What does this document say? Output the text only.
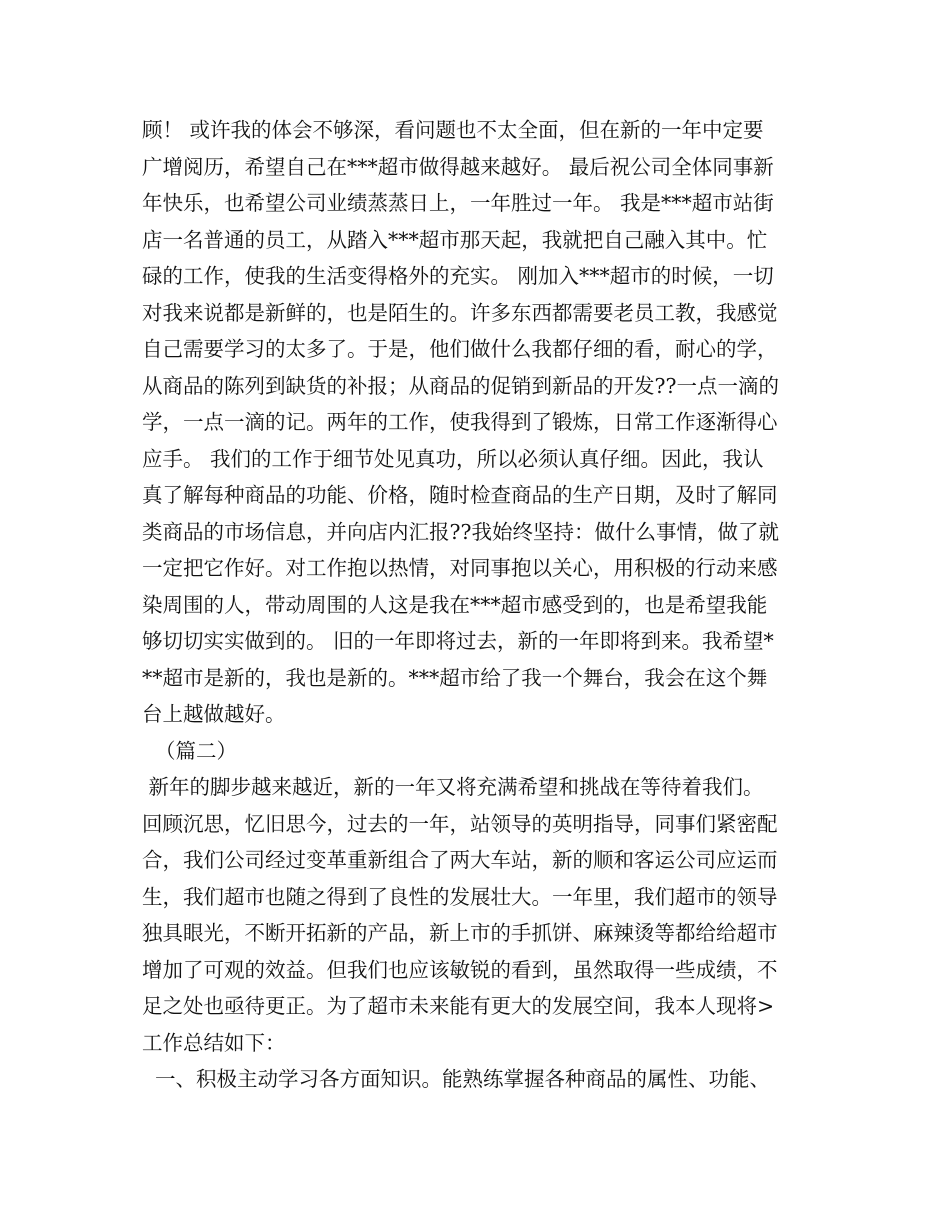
顾！ 或许我的体会不够深，看问题也不太全面，但在新的一年中定要
广增阅历，希望自己在***超市做得越来越好。 最后祝公司全体同事新
年快乐，也希望公司业绩蒸蒸日上，一年胜过一年。 我是***超市站街
店一名普通的员工，从踏入***超市那天起，我就把自己融入其中。忙
碌的工作，使我的生活变得格外的充实。 刚加入***超市的时候，一切
对我来说都是新鲜的，也是陌生的。许多东西都需要老员工教，我感觉
自己需要学习的太多了。于是，他们做什么我都仔细的看，耐心的学，
从商品的陈列到缺货的补报；从商品的促销到新品的开发??一点一滴的
学，一点一滴的记。两年的工作，使我得到了锻炼，日常工作逐渐得心
应手。 我们的工作于细节处见真功，所以必须认真仔细。因此，我认
真了解每种商品的功能、价格，随时检查商品的生产日期，及时了解同
类商品的市场信息，并向店内汇报??我始终坚持：做什么事情，做了就
一定把它作好。对工作抱以热情，对同事抱以关心，用积极的行动来感
染周围的人，带动周围的人这是我在***超市感受到的，也是希望我能
够切切实实做到的。 旧的一年即将过去，新的一年即将到来。我希望*
**超市是新的，我也是新的。***超市给了我一个舞台，我会在这个舞
台上越做越好。
（篇二）
新年的脚步越来越近，新的一年又将充满希望和挑战在等待着我们。
回顾沉思，忆旧思今，过去的一年，站领导的英明指导，同事们紧密配
合，我们公司经过变革重新组合了两大车站，新的顺和客运公司应运而
生，我们超市也随之得到了良性的发展壮大。一年里，我们超市的领导
独具眼光，不断开拓新的产品，新上市的手抓饼、麻辣烫等都给给超市
增加了可观的效益。但我们也应该敏锐的看到，虽然取得一些成绩，不
足之处也亟待更正。为了超市未来能有更大的发展空间，我本人现将>
工作总结如下：
一、积极主动学习各方面知识。能熟练掌握各种商品的属性、功能、
